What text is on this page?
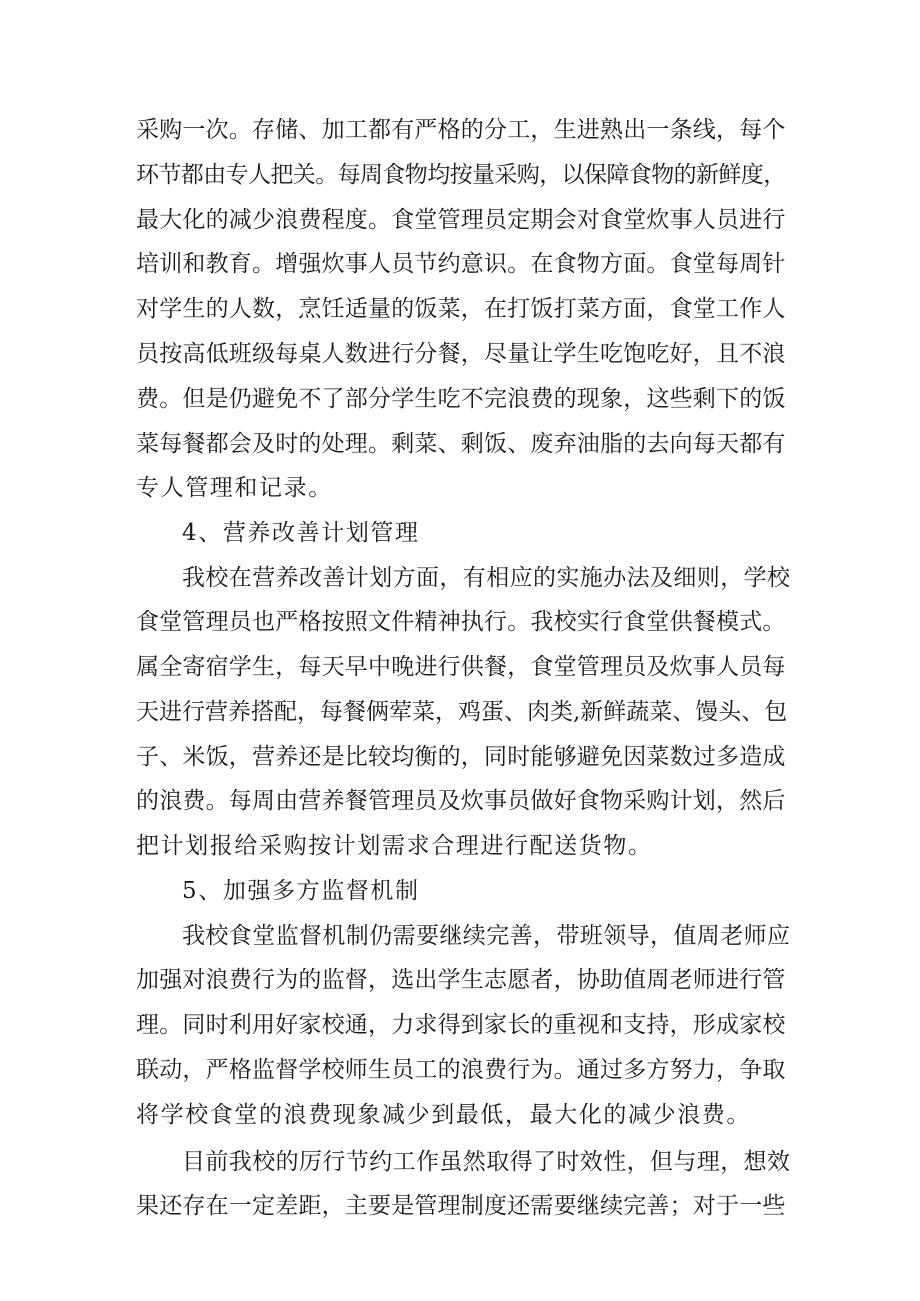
采购一次。存储、加工都有严格的分工，生进熟出一条线，每个
环节都由专人把关。每周食物均按量采购，以保障食物的新鲜度，
最大化的减少浪费程度。食堂管理员定期会对食堂炊事人员进行
培训和教育。增强炊事人员节约意识。在食物方面。食堂每周针
对学生的人数，烹饪适量的饭菜，在打饭打菜方面，食堂工作人
员按高低班级每桌人数进行分餐，尽量让学生吃饱吃好，且不浪
费。但是仍避免不了部分学生吃不完浪费的现象，这些剩下的饭
菜每餐都会及时的处理。剩菜、剩饭、废弃油脂的去向每天都有
专人管理和记录。
4、营养改善计划管理
我校在营养改善计划方面，有相应的实施办法及细则，学校
食堂管理员也严格按照文件精神执行。我校实行食堂供餐模式。
属全寄宿学生，每天早中晚进行供餐，食堂管理员及炊事人员每
天进行营养搭配，每餐俩荤菜，鸡蛋、肉类,新鲜蔬菜、馒头、包
子、米饭，营养还是比较均衡的，同时能够避免因菜数过多造成
的浪费。每周由营养餐管理员及炊事员做好食物采购计划，然后
把计划报给采购按计划需求合理进行配送货物。
5、加强多方监督机制
我校食堂监督机制仍需要继续完善，带班领导，值周老师应
加强对浪费行为的监督，选出学生志愿者，协助值周老师进行管
理。同时利用好家校通，力求得到家长的重视和支持，形成家校
联动，严格监督学校师生员工的浪费行为。通过多方努力，争取
将学校食堂的浪费现象减少到最低，最大化的减少浪费。
目前我校的厉行节约工作虽然取得了时效性，但与理，想效
果还存在一定差距，主要是管理制度还需要继续完善；对于一些
